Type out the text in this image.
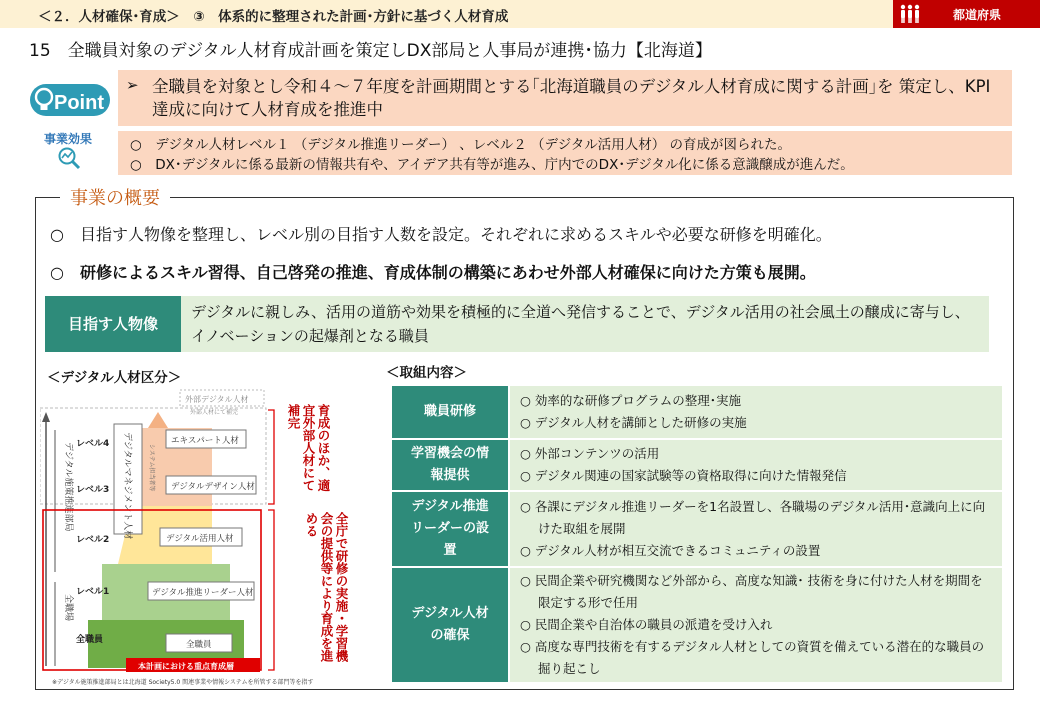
＜２．人材確保･育成＞　③　体系的に整理された計画･方針に基づく人材育成	都道府県
15　全職員対象のデジタル人材育成計画を策定しDX部局と人事局が連携･協力【北海道】
Point
➢ 全職員を対象とし令和４～７年度を計画期間とする｢北海道職員のデジタル人材育成に関する計画｣を 策定し、KPI達成に向けて人材育成を推進中
事業効果	○　デジタル人材レベル１ （デジタル推進リーダー） 、レベル２ （デジタル活用人材） の育成が図られた。
○　DX･デジタルに係る最新の情報共有や、アイデア共有等が進み、庁内でのDX･デジタル化に係る意識醸成が進んだ。
事業の概要
○　目指す人物像を整理し、レベル別の目指す人数を設定。それぞれに求めるスキルや必要な研修を明確化。
○　研修によるスキル習得、自己啓発の推進、育成体制の構築にあわせ外部人材確保に向けた方策も展開。
目指す人物像
デジタルに親しみ、活用の道筋や効果を積極的に全道へ発信することで、デジタル活用の社会風土の醸成に寄与し、イノベーションの起爆剤となる職員
＜デジタル人材区分＞	＜取組内容＞
デジタル施策推進部局
全職場
外部デジタル人材
外部人材にて補完
デジタルマネジメント人材	システム担当者等
エキスパート人材
デジタルデザイン人材
デジタル活用人材
デジタル推進リーダー人材
全職員
レベル4
レベル3
レベル2
レベル1
全職員
本計画における重点育成層
※デジタル施策推進部局とは北海道 Society5.0 関連事業や情報システムを所管する部門等を指す
育成のほか、適宜外部人材にて補完
全庁で研修の実施・学習機会の提供等により育成を進める
職員研修	○ 効率的な研修プログラムの整理･実施
○ デジタル人材を講師とした研修の実施

学習機会の情報提供	○ 外部コンテンツの活用
○ デジタル関連の国家試験等の資格取得に向けた情報発信

デジタル推進リーダーの設置	○ 各課にデジタル推進リーダーを1名設置し、各職場のデジタル活用･意識向上に向けた取組を展開
○ デジタル人材が相互交流できるコミュニティの設置

デジタル人材の確保	○ 民間企業や研究機関など外部から、高度な知識･ 技術を身に付けた人材を期間を限定する形で任用
○ 民間企業や自治体の職員の派遣を受け入れ
○ 高度な専門技術を有するデジタル人材としての資質を備えている潜在的な職員の掘り起こし
